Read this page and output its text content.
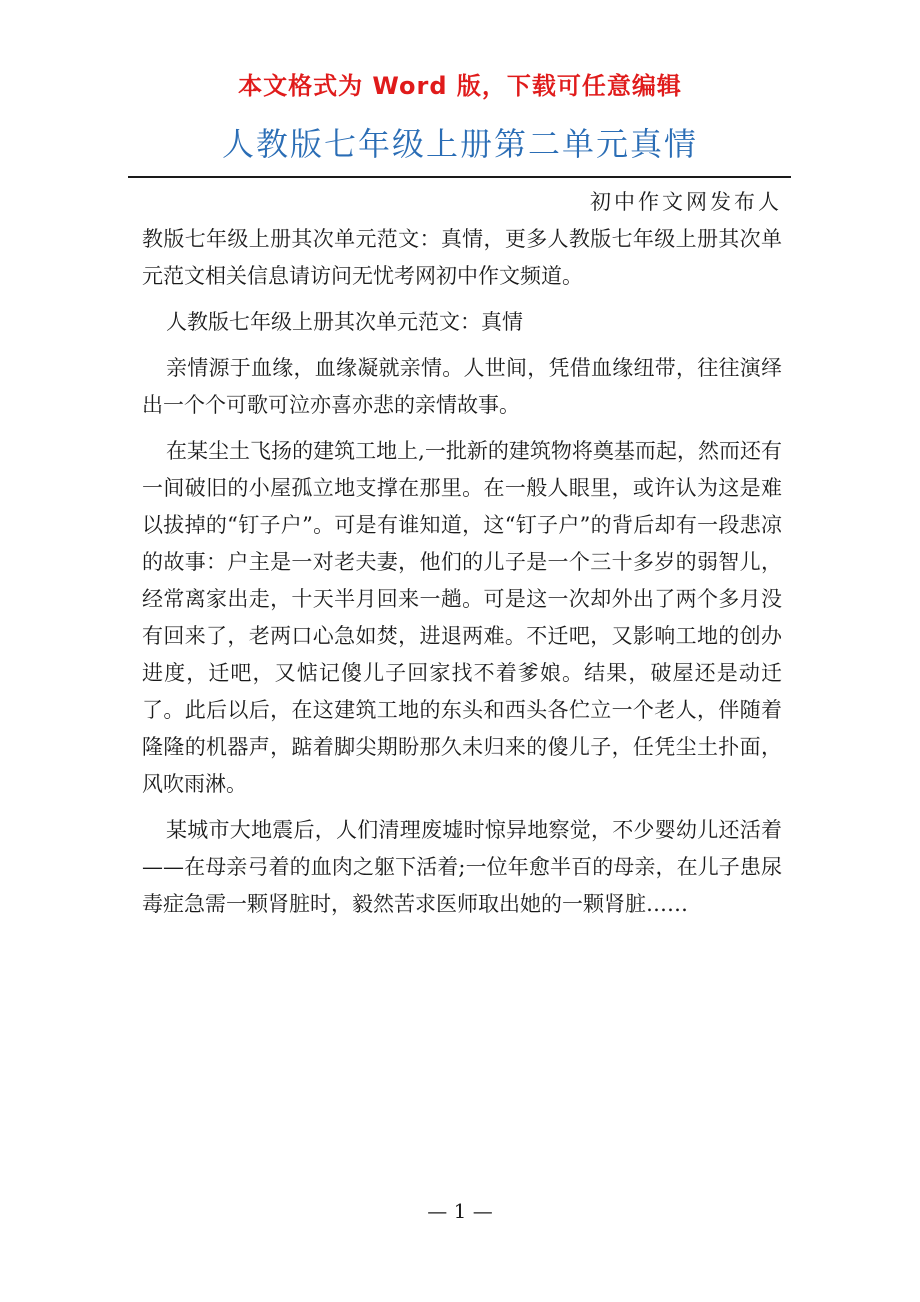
本文格式为 Word 版，下载可任意编辑
人教版七年级上册第二单元真情

初中作文网发布人

教版七年级上册其次单元范文：真情，更多人教版七年级上册其次单元范文相关信息请访问无忧考网初中作文频道。

人教版七年级上册其次单元范文：真情

亲情源于血缘，血缘凝就亲情。人世间，凭借血缘纽带，往往演绎出一个个可歌可泣亦喜亦悲的亲情故事。

在某尘土飞扬的建筑工地上,一批新的建筑物将奠基而起，然而还有一间破旧的小屋孤立地支撑在那里。在一般人眼里，或许认为这是难以拔掉的“钉子户”。可是有谁知道，这“钉子户”的背后却有一段悲凉的故事：户主是一对老夫妻，他们的儿子是一个三十多岁的弱智儿，经常离家出走，十天半月回来一趟。可是这一次却外出了两个多月没有回来了，老两口心急如焚，进退两难。不迁吧，又影响工地的创办进度，迁吧，又惦记傻儿子回家找不着爹娘。结果，破屋还是动迁了。此后以后，在这建筑工地的东头和西头各伫立一个老人，伴随着隆隆的机器声，踮着脚尖期盼那久未归来的傻儿子，任凭尘土扑面，风吹雨淋。

某城市大地震后，人们清理废墟时惊异地察觉，不少婴幼儿还活着——在母亲弓着的血肉之躯下活着;一位年愈半百的母亲，在儿子患尿毒症急需一颗肾脏时，毅然苦求医师取出她的一颗肾脏……

— 1 —
